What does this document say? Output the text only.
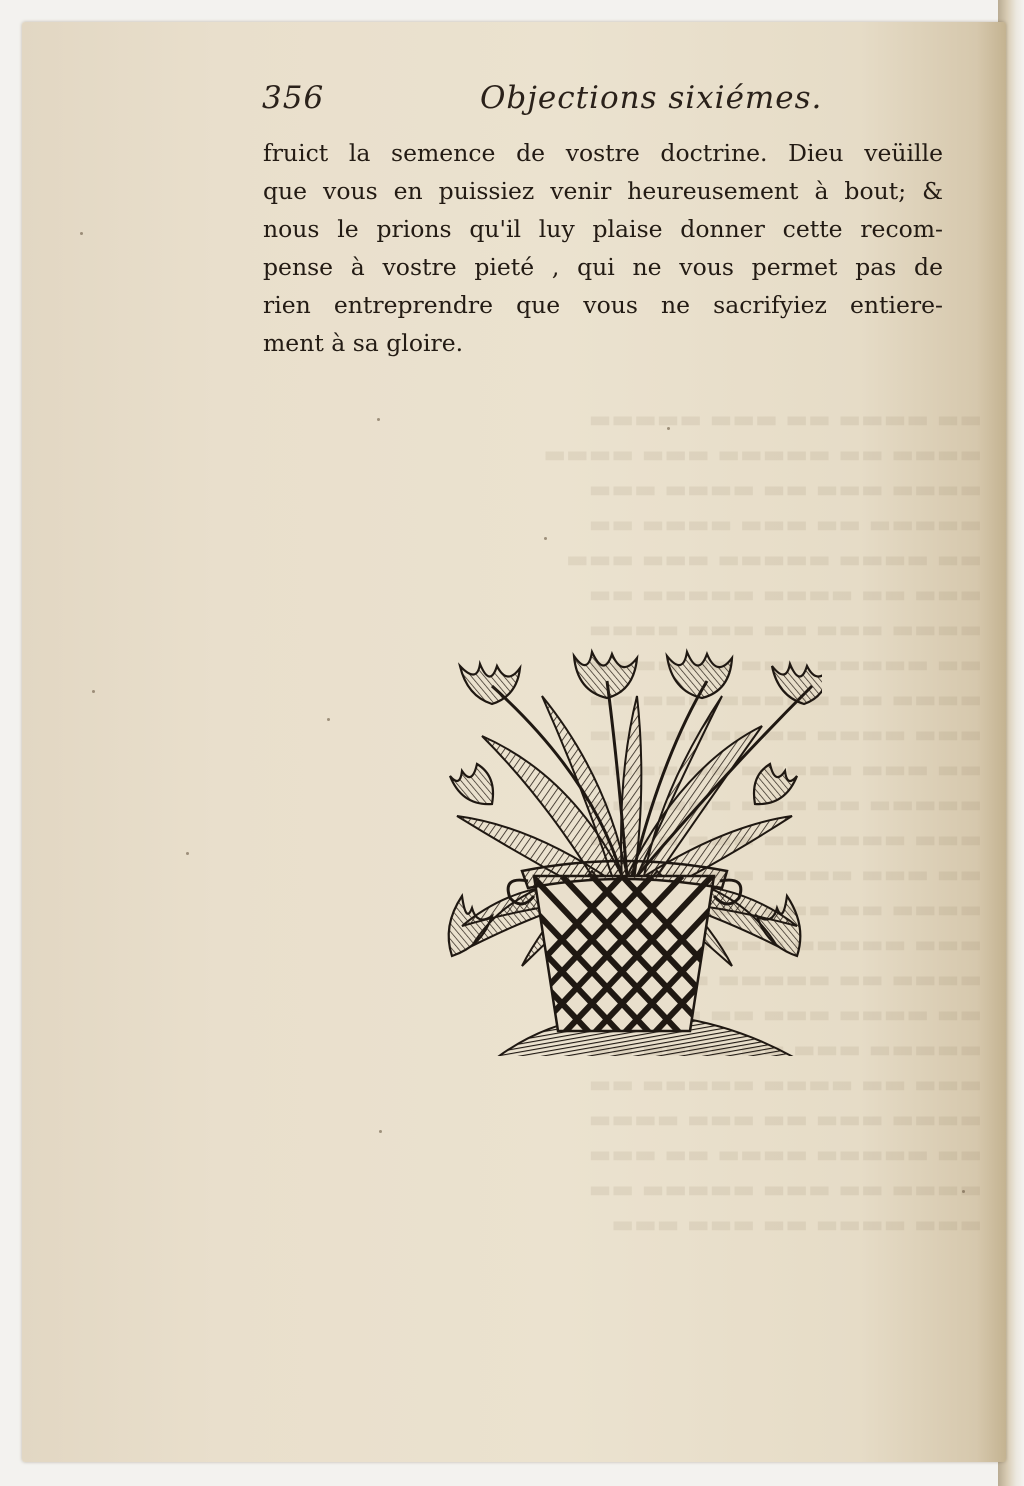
▬▬ ▬▬▬▬ ▬▬ ▬▬▬ ▬▬▬▬▬
▬▬▬▬ ▬▬ ▬▬▬▬▬ ▬▬▬ ▬▬▬▬
▬▬▬▬ ▬▬▬ ▬▬ ▬▬▬▬ ▬▬▬
▬▬▬▬▬ ▬▬ ▬▬▬ ▬▬▬▬ ▬▬
▬▬ ▬▬▬▬ ▬▬▬▬▬ ▬▬▬ ▬▬▬
▬▬▬ ▬▬ ▬▬▬▬ ▬▬▬▬▬ ▬▬
▬▬▬▬ ▬▬▬ ▬▬ ▬▬▬ ▬▬▬▬
▬▬ ▬▬▬▬▬ ▬▬▬
▬▬▬▬ ▬▬ ▬▬▬▬▬ ▬▬▬ ▬▬
▬▬▬ ▬▬▬▬ ▬▬ ▬▬▬▬ ▬▬▬
▬▬ ▬▬▬ ▬▬▬▬▬
▬▬▬▬▬ ▬▬ ▬▬▬  ▬▬
▬▬▬ ▬▬▬▬ ▬▬
▬▬ ▬▬▬ ▬▬▬▬
▬▬▬▬ ▬▬ ▬▬▬
▬▬▬ ▬▬▬▬▬ ▬▬▬
▬▬▬▬ ▬▬ ▬▬▬▬▬
▬▬ ▬▬▬▬ ▬▬▬ ▬▬
▬▬▬▬▬ ▬▬▬
▬▬▬ ▬▬ ▬▬▬▬ ▬▬▬▬▬ ▬▬
▬▬▬▬ ▬▬▬ ▬▬ ▬▬▬ ▬▬▬▬
▬▬ ▬▬▬▬▬ ▬▬▬▬ ▬▬ ▬▬▬
▬▬▬▬ ▬▬ ▬▬▬ ▬▬▬▬▬ ▬▬
▬▬▬ ▬▬▬▬ ▬▬ ▬▬▬ ▬▬▬
356	Objections sixiémes.
fruict la semence de vostre doctrine. Dieu veüille
que vous en puissiez venir heureusement à bout; &
nous le prions qu'il luy plaise donner cette recom-
pense à vostre pieté , qui ne vous permet pas de
rien entreprendre que vous ne sacrifyiez entiere-
ment à sa gloire.
